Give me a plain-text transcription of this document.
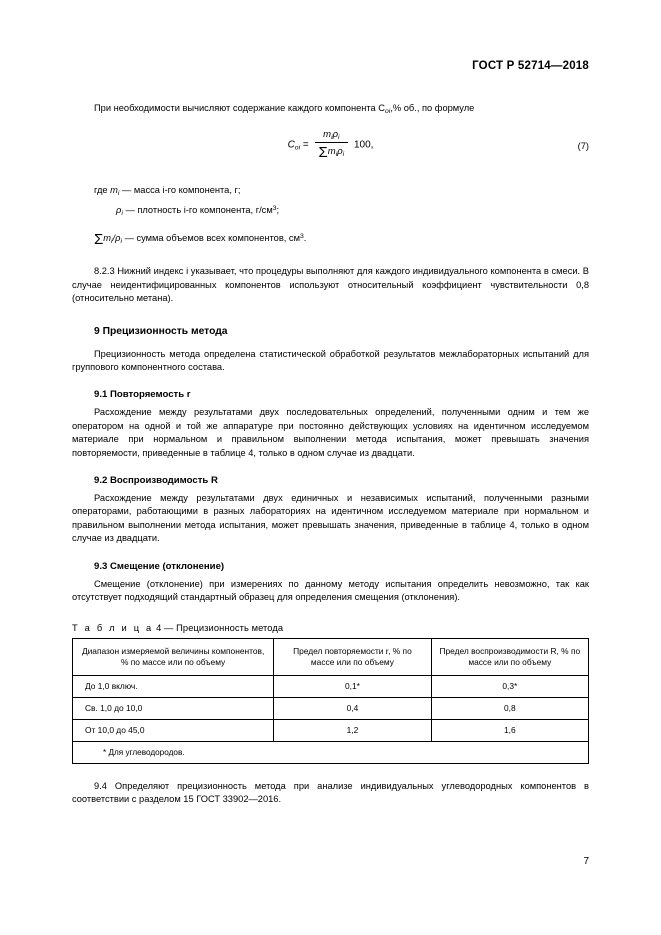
ГОСТ Р 52714—2018

При необходимости вычисляют содержание каждого компонента $C_{оi},\%$ об., по формуле

$C_{оi} = \frac{m_i\rho_i}{\Sigma m_i\rho_i} 100$,	(7)
где $m_i$ — масса i-го компонента, г;
$\rho_i$ — плотность i-го компонента, $г/см^3$;
$\Sigma m_i/\rho_i$ — сумма объемов всех компонентов, $см^3$.

8.2.3 Нижний индекс i указывает, что процедуры выполняют для каждого индивидуального компонента в смеси. В случае неидентифицированных компонентов используют относительный коэффициент чувствительности 0,8 (относительно метана).

9 Прецизионность метода

Прецизионность метода определена статистической обработкой результатов межлабораторных испытаний для группового компонентного состава.

9.1 Повторяемость r

Расхождение между результатами двух последовательных определений, полученными одним и тем же оператором на одной и той же аппаратуре при постоянно действующих условиях на идентичном исследуемом материале при нормальном и правильном выполнении метода испытания, может превышать значения повторяемости, приведенные в таблице 4, только в одном случае из двадцати.

9.2 Воспроизводимость R

Расхождение между результатами двух единичных и независимых испытаний, полученными разными операторами, работающими в разных лабораториях на идентичном исследуемом материале при нормальном и правильном выполнении метода испытания, может превышать значения, приведенные в таблице 4, только в одном случае из двадцати.

9.3 Смещение (отклонение)

Смещение (отклонение) при измерениях по данному методу испытания определить невозможно, так как отсутствует подходящий стандартный образец для определения смещения (отклонения).

Т а б л и ц а 4 — Прецизионность метода
Диапазон измеряемой величины компонентов, % по массе или по объему	Предел повторяемости r, % по массе или по объему	Предел воспроизводимости R, % по массе или по объему
До 1,0 включ.	0,1*	0,3*
Св. 1,0 до 10,0	0,4	0,8
От 10,0 до 45,0	1,2	1,6
* Для углеводородов.		

9.4 Определяют прецизионность метода при анализе индивидуальных углеводородных компонентов в соответствии с разделом 15 ГОСТ 33902—2016.

7
